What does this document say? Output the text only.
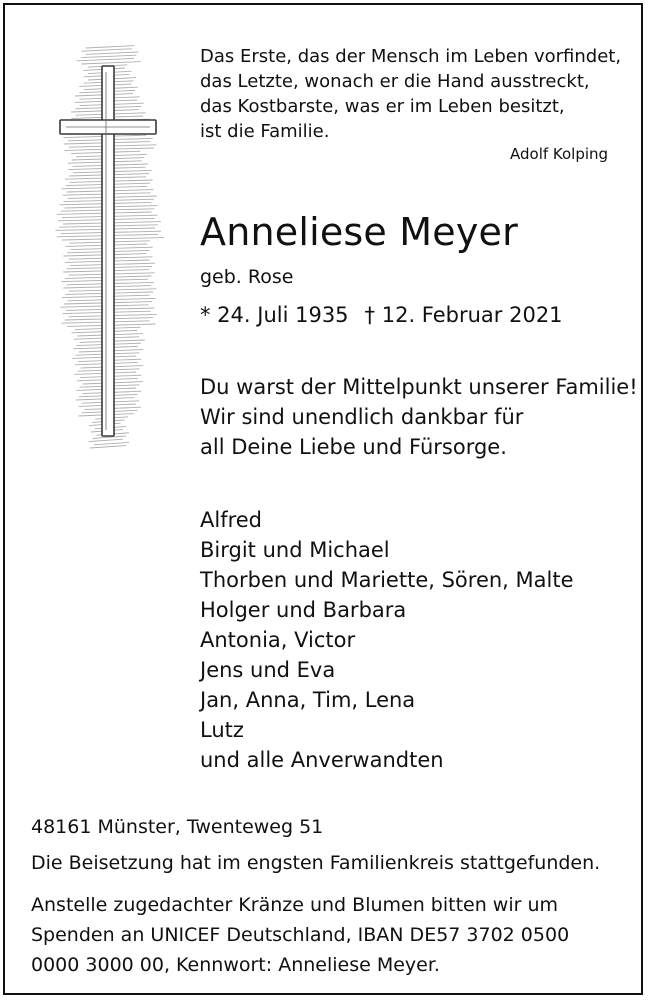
Das Erste, das der Mensch im Leben vorfindet,
das Letzte, wonach er die Hand ausstreckt,
das Kostbarste, was er im Leben besitzt,
ist die Familie.
Adolf Kolping
Anneliese Meyer
geb. Rose
* 24. Juli 1935 † 12. Februar 2021
Du warst der Mittelpunkt unserer Familie!
Wir sind unendlich dankbar für
all Deine Liebe und Fürsorge.
Alfred
Birgit und Michael
Thorben und Mariette, Sören, Malte
Holger und Barbara
Antonia, Victor
Jens und Eva
Jan, Anna, Tim, Lena
Lutz
und alle Anverwandten
48161 Münster, Twenteweg 51
Die Beisetzung hat im engsten Familienkreis stattgefunden.
Anstelle zugedachter Kränze und Blumen bitten wir um
Spenden an UNICEF Deutschland, IBAN DE57 3702 0500
0000 3000 00, Kennwort: Anneliese Meyer.
